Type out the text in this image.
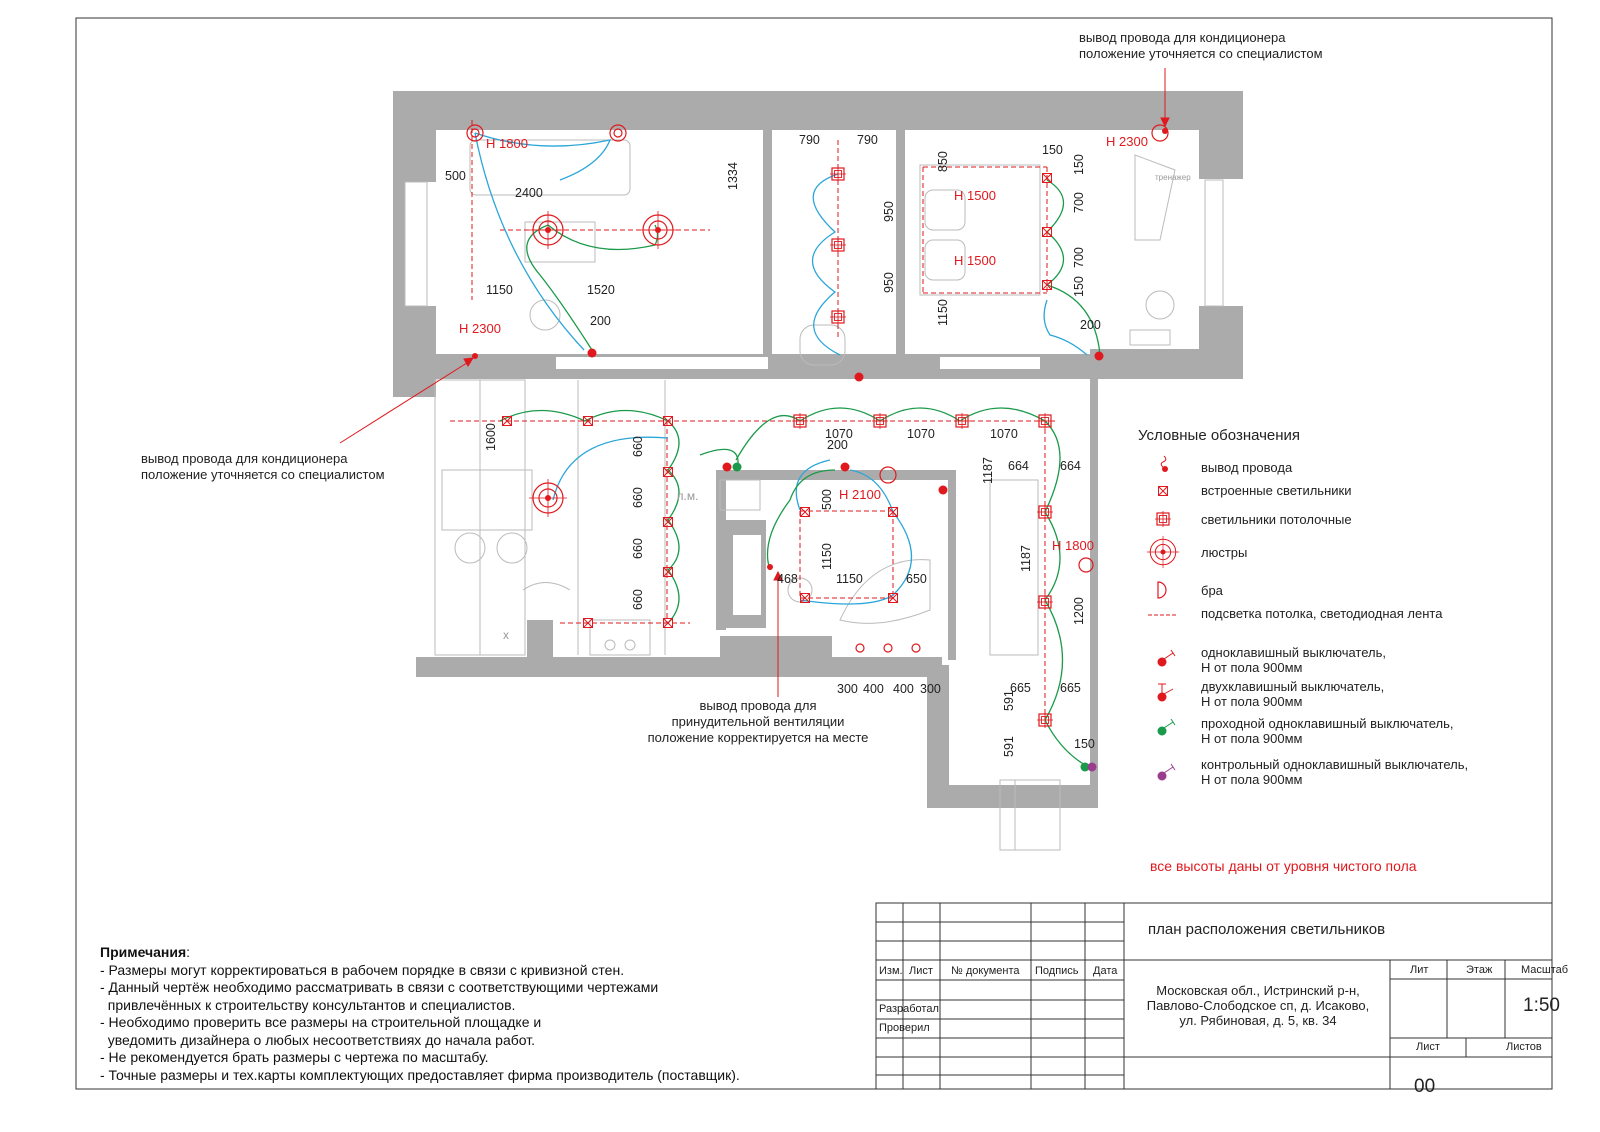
Н 1800
Н 2300
Н 2300
Н 1500
Н 1500
Н 2100
Н 1800
п.м.
тренажер
х
500
2400
1334
1150	1520
200
790	790
950
950
850
150
150
700
700
150
1150	200
1600	660
660
660
660
1070	1070	1070
200
1187 664 664
500
1150
1150	650
468
1187
1200
300 400 400 300	665 665
591
591	150
вывод провода для кондиционера
положение уточняется со специалистом
вывод провода для кондиционера
положение уточняется со специалистом
вывод провода для
принудительной вентиляции
положение корректируется на месте
все высоты даны от уровня чистого пола
Условные обозначения
вывод провода
встроенные светильники
светильники потолочные
люстры
бра
подсветка потолка, светодиодная лента
одноклавишный выключатель,
Н от пола 900мм
двухклавишный выключатель,
Н от пола 900мм
проходной одноклавишный выключатель,
Н от пола 900мм
контрольный одноклавишный выключатель,
Н от пола 900мм
Примечания:
- Размеры могут корректироваться в рабочем порядке в связи с кривизной стен.
- Данный чертёж необходимо рассматривать в связи с соответствующими чертежами
привлечённых к строительству консультантов и специалистов.
- Необходимо проверить все размеры на строительной площадке и
уведомить дизайнера о любых несоответствиях до начала работ.
- Не рекомендуется брать размеры с чертежа по масштабу.
- Точные размеры и тех.карты комплектующих предоставляет фирма производитель (поставщик).
Изм. Лист № документа Подпись Дата
Разработал
Проверил
план расположения светильников
Московская обл., Истринский р-н,
Павлово-Слободское сп, д. Исаково,
ул. Рябиновая, д. 5, кв. 34
Лит	Этаж	Масштаб
1:50
Лист	Листов
00
